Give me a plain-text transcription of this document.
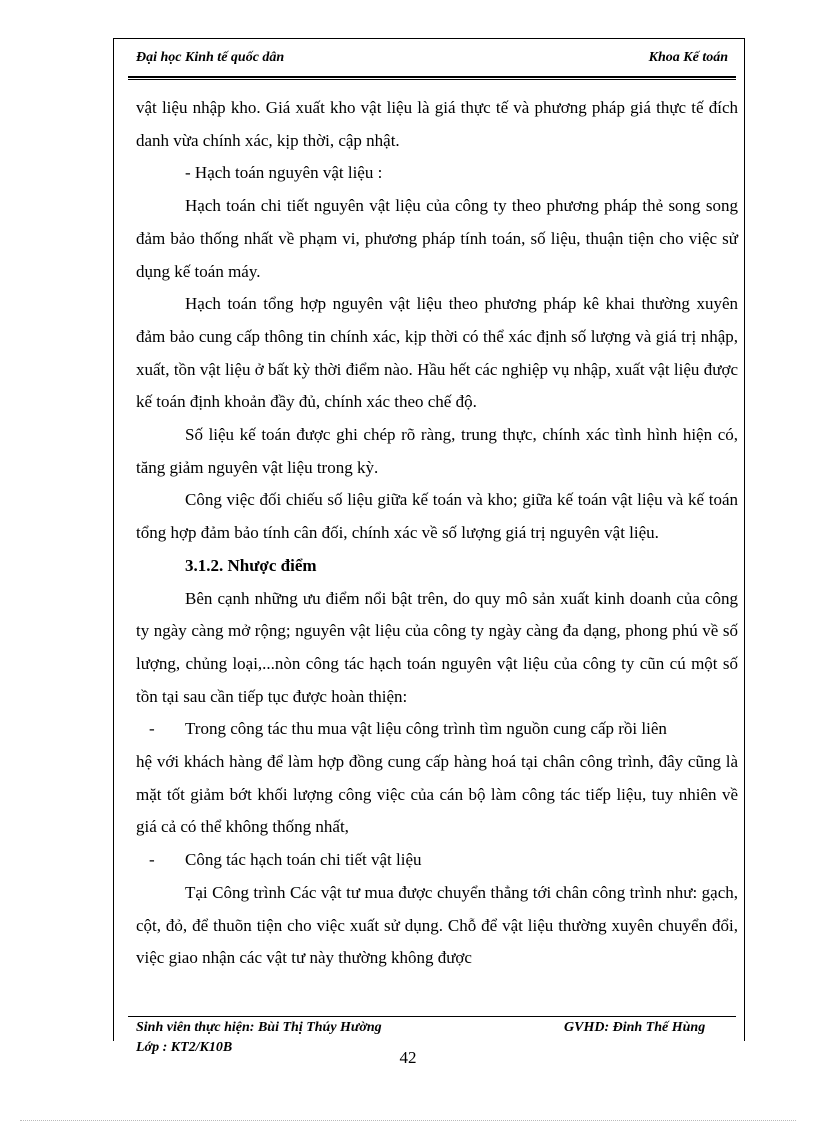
Đại học Kinh tế quốc dân	Khoa Kế toán

vật liệu nhập kho. Giá xuất kho vật liệu là giá thực tế và phương pháp giá thực tế đích danh vừa chính xác, kịp thời, cập nhật.

- Hạch toán nguyên vật liệu :

Hạch toán chi tiết nguyên vật liệu của công ty theo phương pháp thẻ song song đảm bảo thống nhất về phạm vi, phương pháp tính toán, số liệu, thuận tiện cho việc sử dụng kế toán máy.

Hạch toán tổng hợp nguyên vật liệu theo phương pháp kê khai thường xuyên đảm bảo cung cấp thông tin chính xác, kịp thời có thể xác định số lượng và giá trị nhập, xuất, tồn vật liệu ở bất kỳ thời điểm nào. Hầu hết các nghiệp vụ nhập, xuất vật liệu được kế toán định khoản đầy đủ, chính xác theo chế độ.

Số liệu kế toán được ghi chép rõ ràng, trung thực, chính xác tình hình hiện có, tăng giảm nguyên vật liệu trong kỳ.

Công việc đối chiếu số liệu giữa kế toán và kho; giữa kế toán vật liệu và kế toán tổng hợp đảm bảo tính cân đối, chính xác về số lượng giá trị nguyên vật liệu.

3.1.2. Nhược điểm

Bên cạnh những ưu điểm nổi bật trên, do quy mô sản xuất kinh doanh của công ty ngày càng mở rộng; nguyên vật liệu của công ty ngày càng đa dạng, phong phú về số lượng, chủng loại,...nòn công tác hạch toán nguyên vật liệu của công ty cũn cú một số tồn tại sau cần tiếp tục được hoàn thiện:

- Trong công tác thu mua vật liệu công trình tìm nguồn cung cấp rồi liên

hệ với khách hàng để làm hợp đồng cung cấp hàng hoá tại chân công trình, đây cũng là mặt tốt giảm bớt khối lượng công việc của cán bộ làm công tác tiếp liệu, tuy nhiên về giá cả có thể không thống nhất,

- Công tác hạch toán chi tiết vật liệu

Tại Công trình Các vật tư mua được chuyển thẳng tới chân công trình như: gạch, cột, đỏ, để thuõn tiện cho việc xuất sử dụng. Chỗ để vật liệu thường xuyên chuyển đổi, việc giao nhận các vật tư này thường không được

Sinh viên thực hiện: Bùi Thị Thúy Hường	GVHD: Đinh Thế Hùng
Lớp : KT2/K10B
42
